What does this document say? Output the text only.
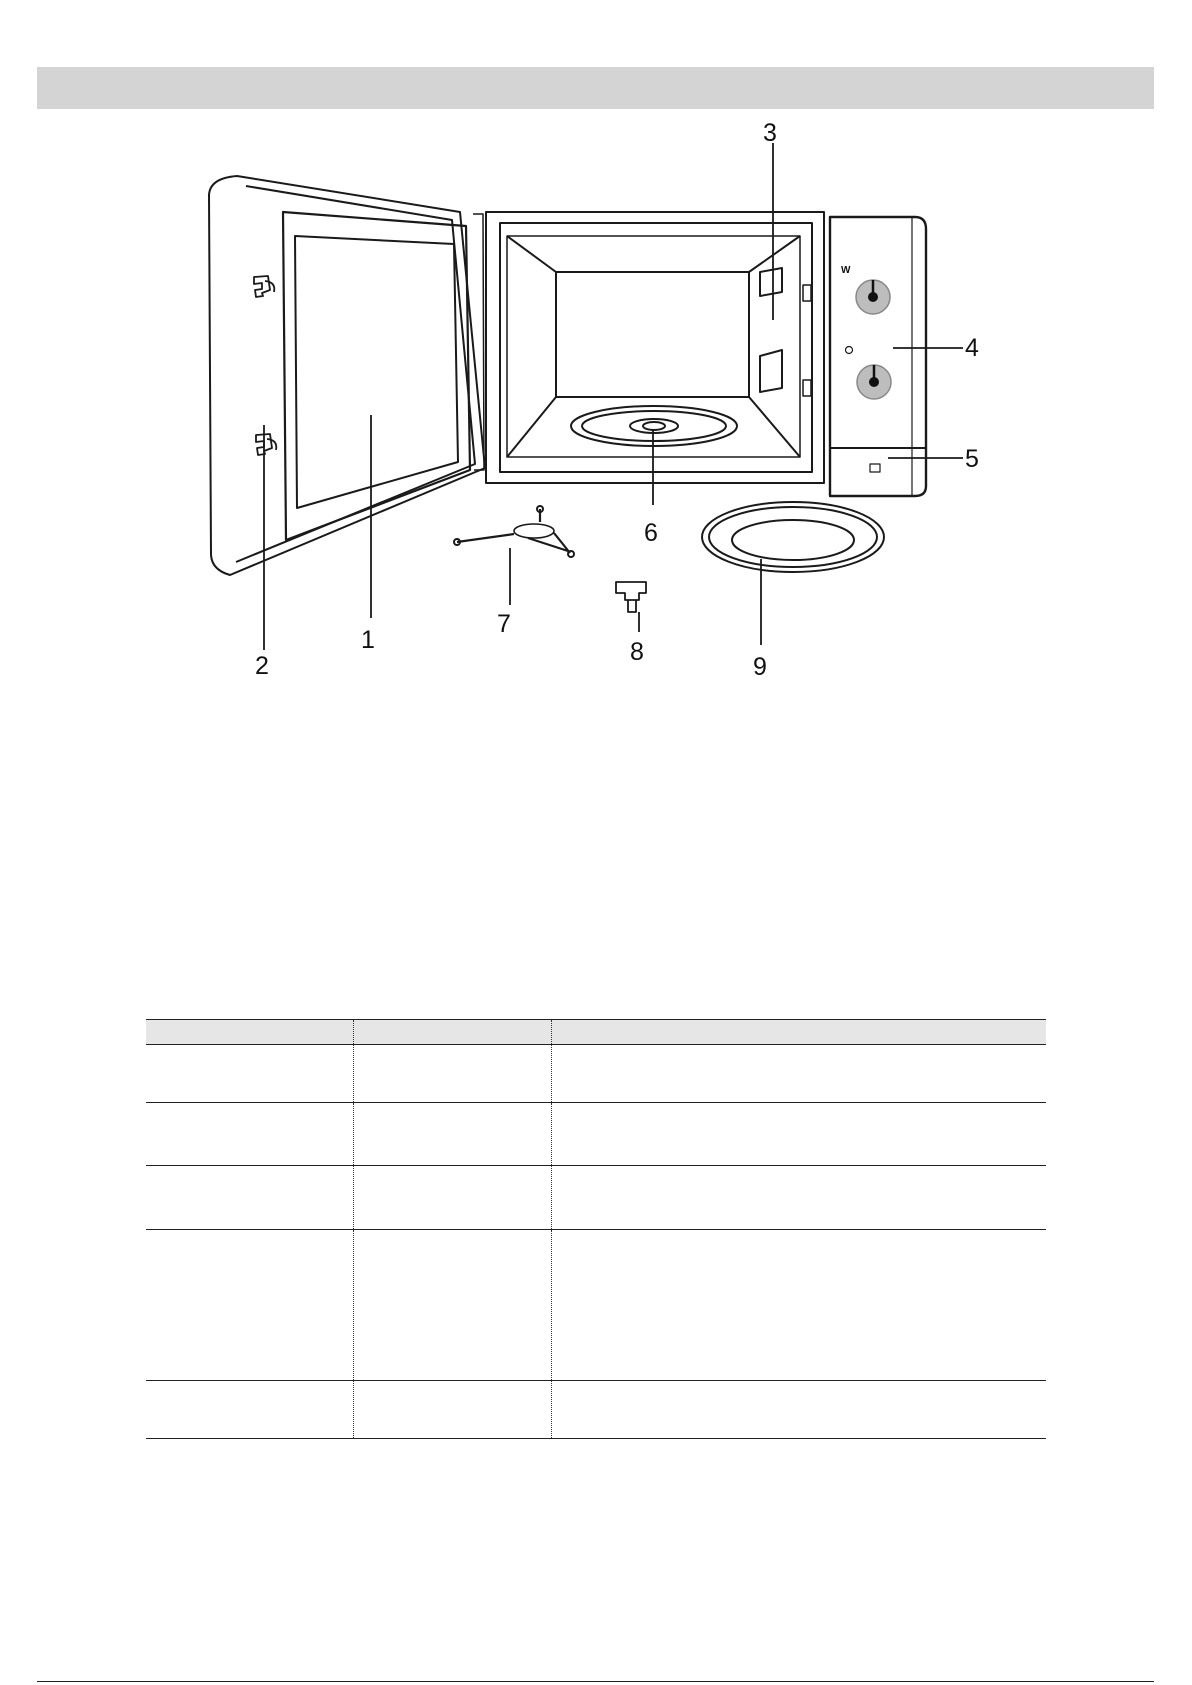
W
1
2
3
4
5
6
7
8
9
